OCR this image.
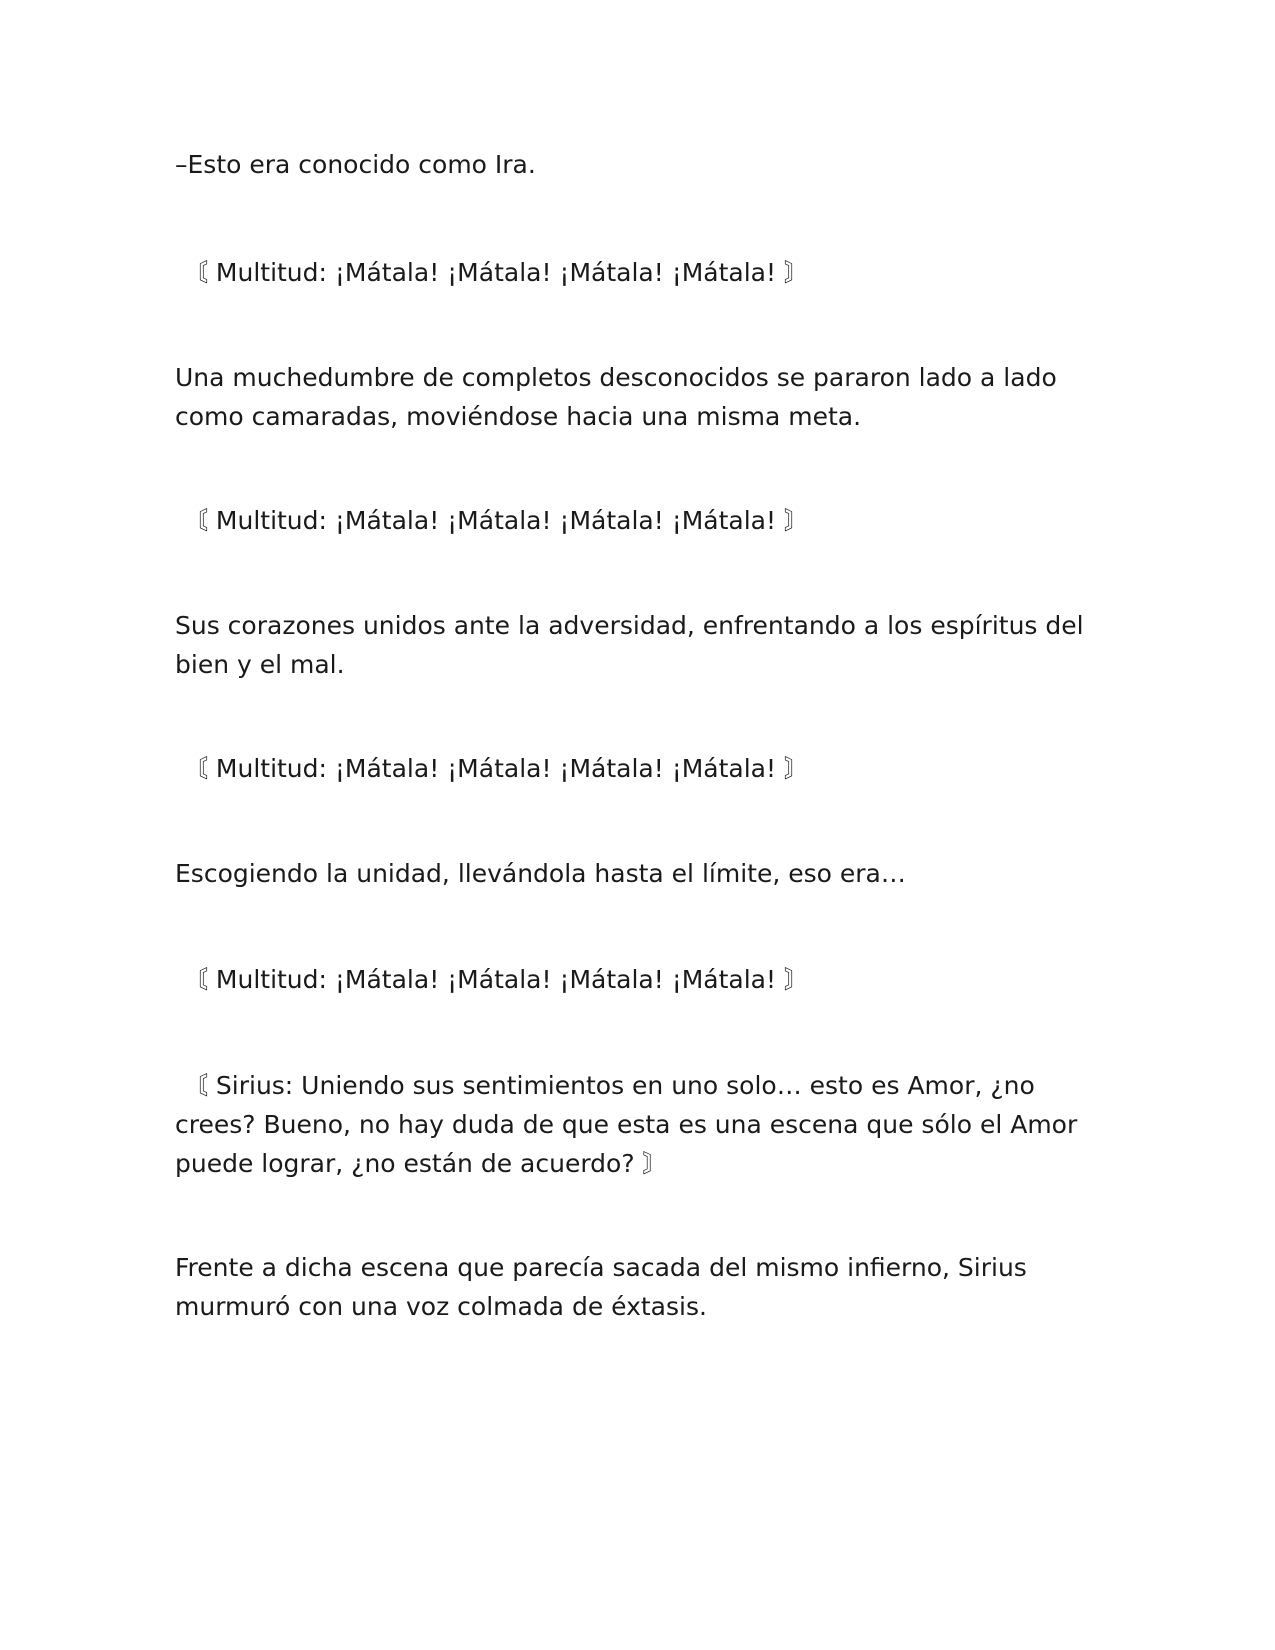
–Esto era conocido como Ira.

〘 Multitud: ¡Mátala! ¡Mátala! ¡Mátala! ¡Mátala! 〙

Una muchedumbre de completos desconocidos se pararon lado a lado como camaradas, moviéndose hacia una misma meta.

〘 Multitud: ¡Mátala! ¡Mátala! ¡Mátala! ¡Mátala! 〙

Sus corazones unidos ante la adversidad, enfrentando a los espíritus del bien y el mal.

〘 Multitud: ¡Mátala! ¡Mátala! ¡Mátala! ¡Mátala! 〙

Escogiendo la unidad, llevándola hasta el límite, eso era…

〘 Multitud: ¡Mátala! ¡Mátala! ¡Mátala! ¡Mátala! 〙

〘 Sirius: Uniendo sus sentimientos en uno solo… esto es Amor, ¿no crees? Bueno, no hay duda de que esta es una escena que sólo el Amor puede lograr, ¿no están de acuerdo? 〙

Frente a dicha escena que parecía sacada del mismo infierno, Sirius murmuró con una voz colmada de éxtasis.
